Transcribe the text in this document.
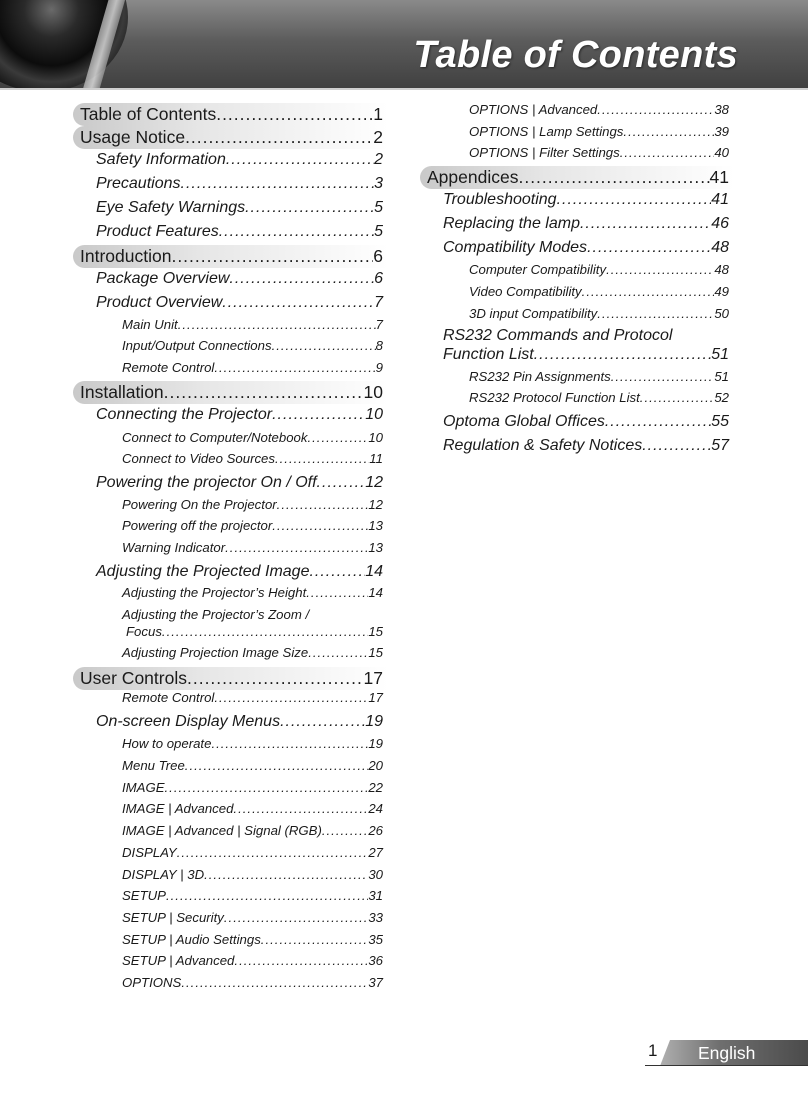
Table of Contents
Table of Contents .....	1
Usage Notice .....	2
Safety Information .....	2
Precautions .....	3
Eye Safety Warnings .....	5
Product Features .....	5
Introduction .....	6
Package Overview .....	6
Product Overview .....	7
Main Unit .....	7
Input/Output Connections .....	8
Remote Control .....	9
Installation .....	10
Connecting the Projector .....	10
Connect to Computer/Notebook .....	10
Connect to Video Sources .....	11
Powering the projector On / Off .....	12
Powering On the Projector .....	12
Powering off the projector .....	13
Warning Indicator .....	13
Adjusting the Projected Image .....	14
Adjusting the Projector’s Height .....	14
Adjusting the Projector’s Zoom /
Focus .....	15
Adjusting Projection Image Size .....	15
User Controls .....	17
Remote Control .....	17
On-screen Display Menus .....	19
How to operate .....	19
Menu Tree .....	20
IMAGE .....	22
IMAGE | Advanced .....	24
IMAGE | Advanced | Signal (RGB) .....	26
DISPLAY .....	27
DISPLAY | 3D .....	30
SETUP .....	31
SETUP | Security .....	33
SETUP | Audio Settings .....	35
SETUP | Advanced .....	36
OPTIONS .....	37
OPTIONS | Advanced .....	38
OPTIONS | Lamp Settings .....	39
OPTIONS | Filter Settings .....	40
Appendices .....	41
Troubleshooting .....	41
Replacing the lamp .....	46
Compatibility Modes .....	48
Computer Compatibility .....	48
Video Compatibility .....	49
3D input Compatibility .....	50
RS232 Commands and Protocol
Function List .....	51
RS232 Pin Assignments .....	51
RS232 Protocol Function List .....	52
Optoma Global Offices .....	55
Regulation & Safety Notices .....	57
1 English
